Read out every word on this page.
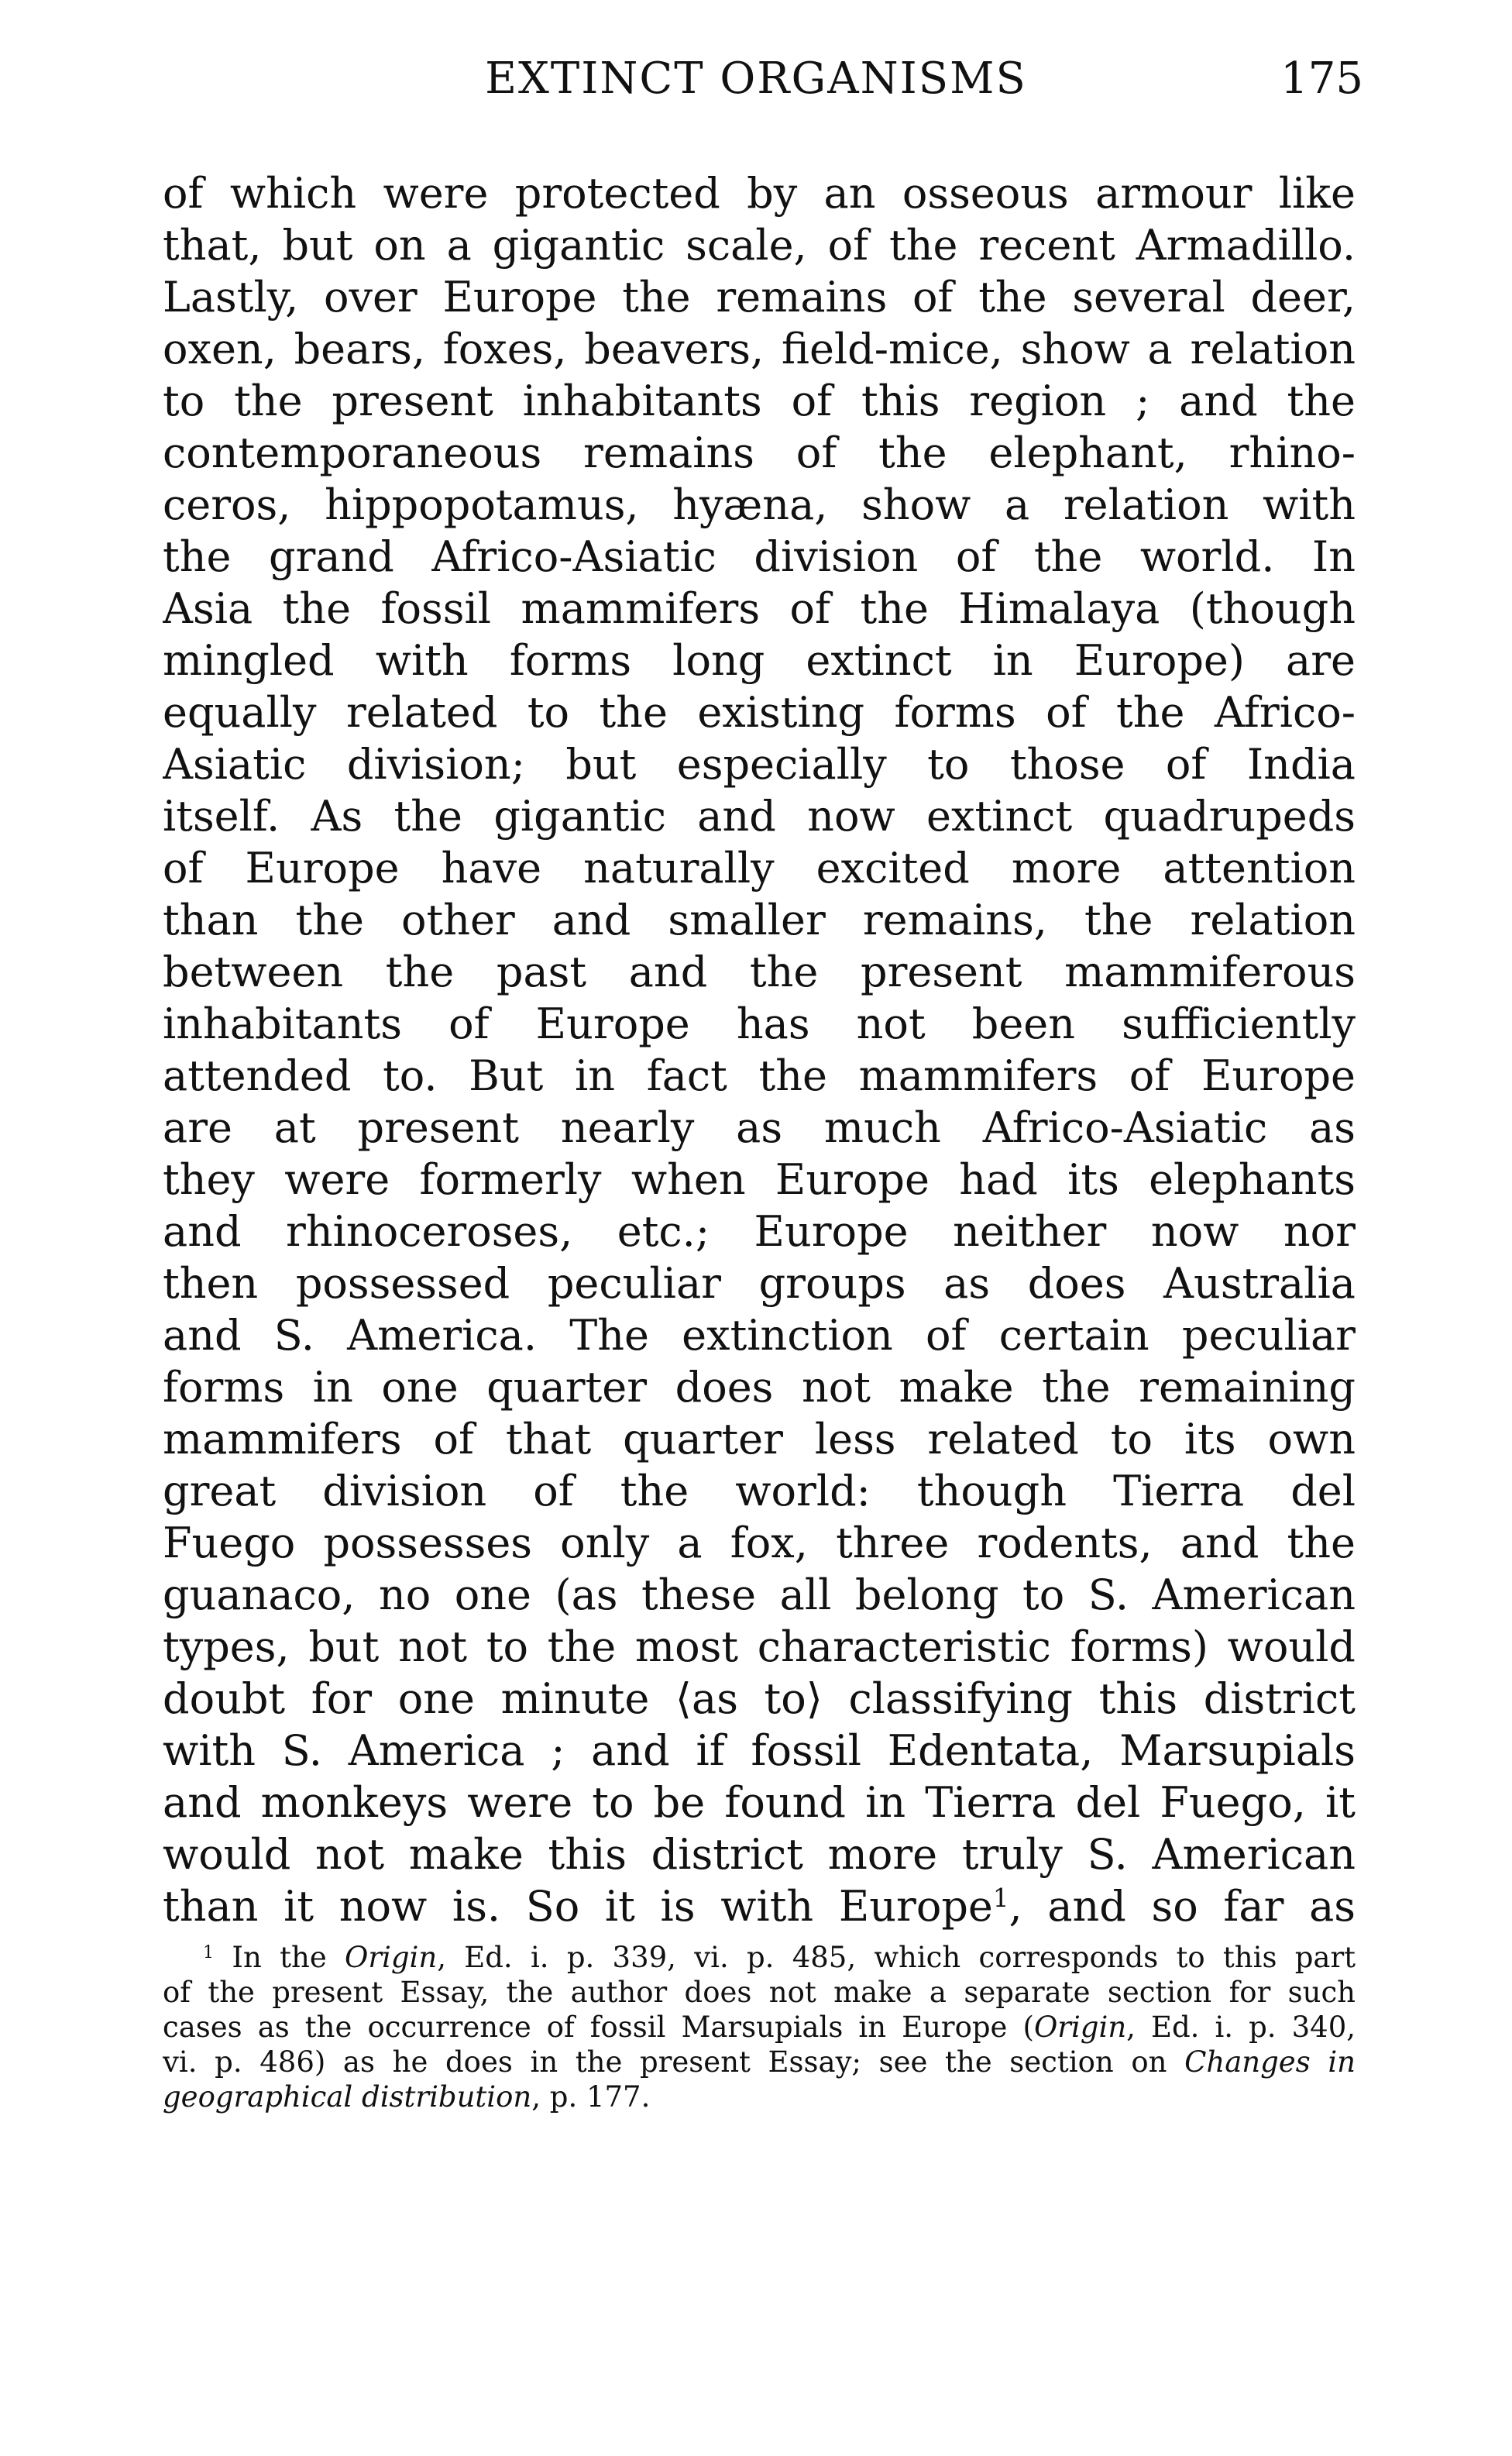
EXTINCT ORGANISMS	175
of which were protected by an osseous armour like
that, but on a gigantic scale, of the recent Armadillo.
Lastly, over Europe the remains of the several deer,
oxen, bears, foxes, beavers, field-mice, show a relation
to the present inhabitants of this region ; and the
contemporaneous remains of the elephant, rhino-
ceros, hippopotamus, hyæna, show a relation with
the grand Africo-Asiatic division of the world. In
Asia the fossil mammifers of the Himalaya (though
mingled with forms long extinct in Europe) are
equally related to the existing forms of the Africo-
Asiatic division; but especially to those of India
itself. As the gigantic and now extinct quadrupeds
of Europe have naturally excited more attention
than the other and smaller remains, the relation
between the past and the present mammiferous
inhabitants of Europe has not been sufficiently
attended to. But in fact the mammifers of Europe
are at present nearly as much Africo-Asiatic as
they were formerly when Europe had its elephants
and rhinoceroses, etc.; Europe neither now nor
then possessed peculiar groups as does Australia
and S. America. The extinction of certain peculiar
forms in one quarter does not make the remaining
mammifers of that quarter less related to its own
great division of the world: though Tierra del
Fuego possesses only a fox, three rodents, and the
guanaco, no one (as these all belong to S. American
types, but not to the most characteristic forms) would
doubt for one minute ⟨as to⟩ classifying this district
with S. America ; and if fossil Edentata, Marsupials
and monkeys were to be found in Tierra del Fuego, it
would not make this district more truly S. American
than it now is. So it is with Europe$^1$, and so far as
$^1$ In the Origin, Ed. i. p. 339, vi. p. 485, which corresponds to this part
of the present Essay, the author does not make a separate section for such
cases as the occurrence of fossil Marsupials in Europe (Origin, Ed. i. p. 340,
vi. p. 486) as he does in the present Essay; see the section on Changes in
geographical distribution, p. 177.
